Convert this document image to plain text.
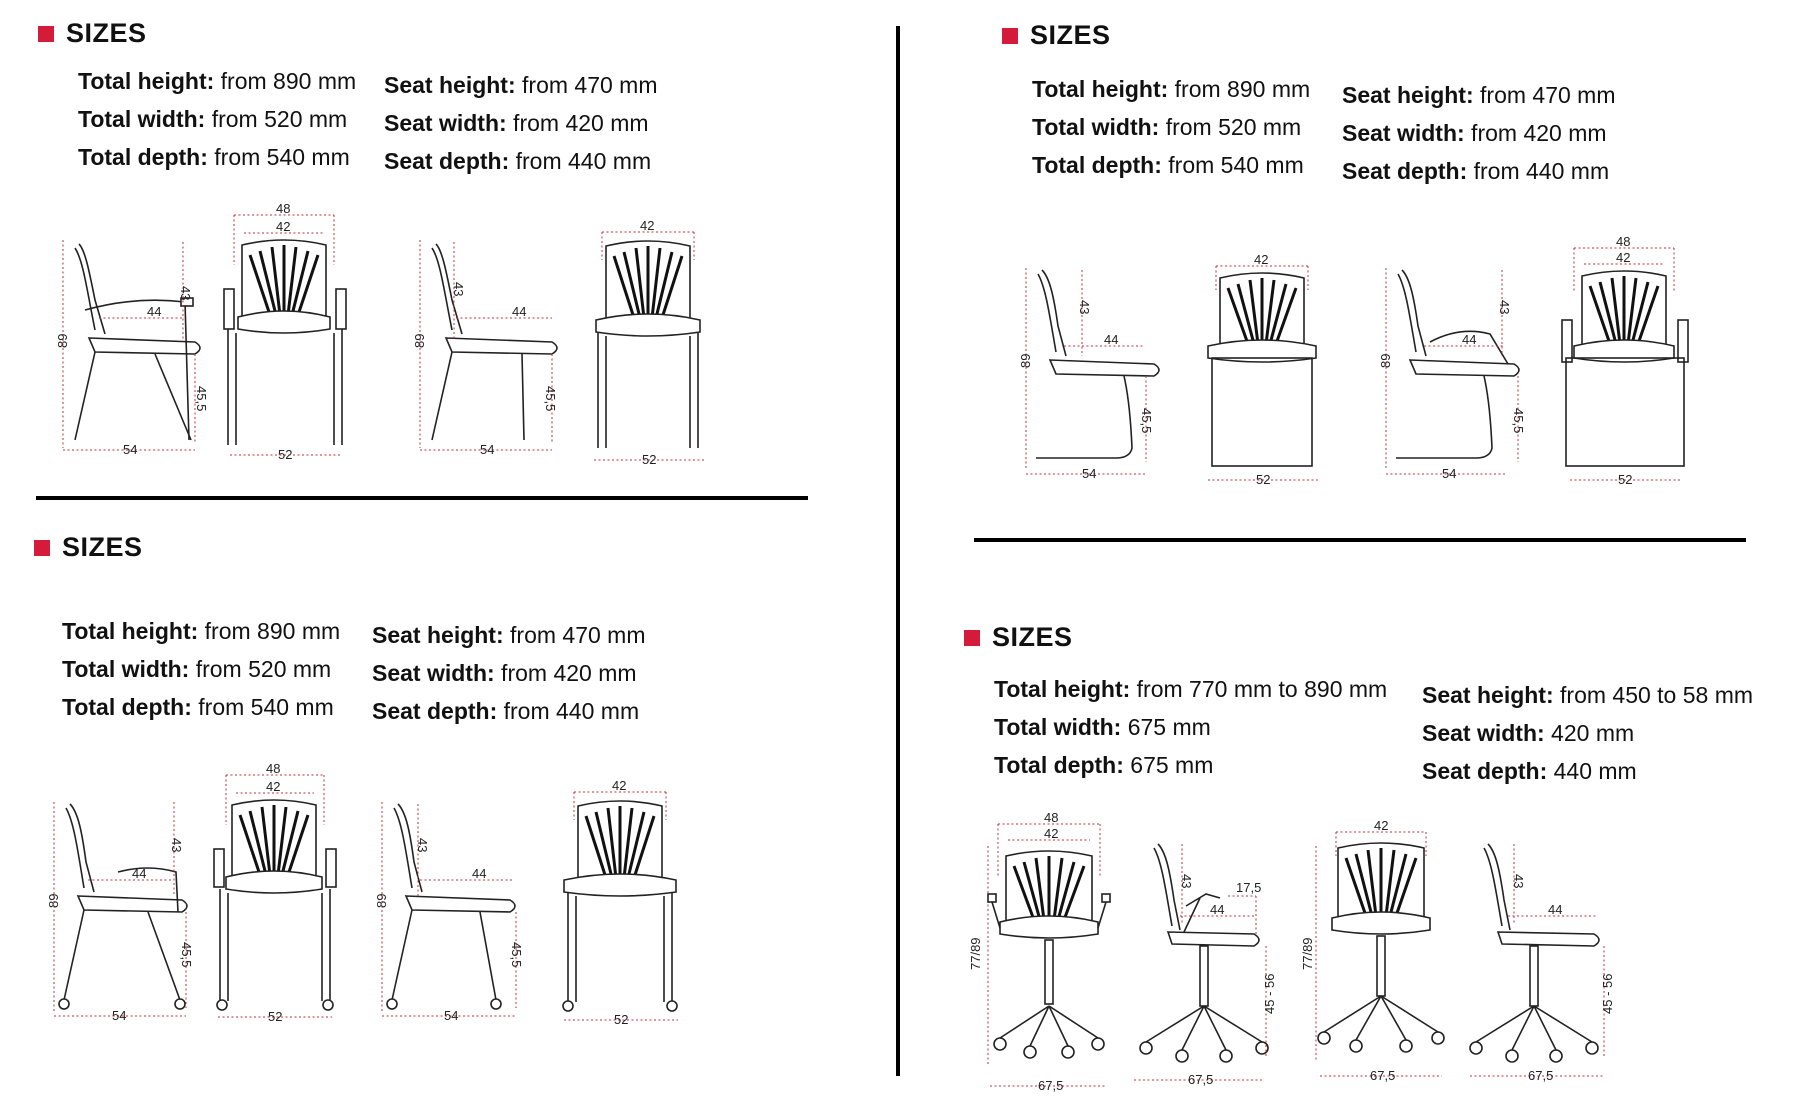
SIZES
Total height: from 890 mm
Total width: from 520 mm
Total depth: from 540 mm
Seat height: from 470 mm
Seat width: from 420 mm
Seat depth: from 440 mm
89
43
44
45,5
54
48
42
52
89
43
44
45,5
54
42
52
SIZES
Total height: from 890 mm
Total width: from 520 mm
Total depth: from 540 mm
Seat height: from 470 mm
Seat width: from 420 mm
Seat depth: from 440 mm
89
43
44
45,5
54
48
42
52
89
43
44
45,5
54
42
52
SIZES
Total height: from 890 mm
Total width: from 520 mm
Total depth: from 540 mm
Seat height: from 470 mm
Seat width: from 420 mm
Seat depth: from 440 mm
89
43
44
45,5
54
42
52
89
43
44
45,5
54
48
42
52
SIZES
Total height: from 770 mm to 890 mm
Total width: 675 mm
Total depth: 675 mm
Seat height: from 450 to 58 mm
Seat width: 420 mm
Seat depth: 440 mm
48
42
77/89
67,5
43
44
17,5
45 - 56
67,5
42
77/89
67,5
43
44
45 - 56
67,5
